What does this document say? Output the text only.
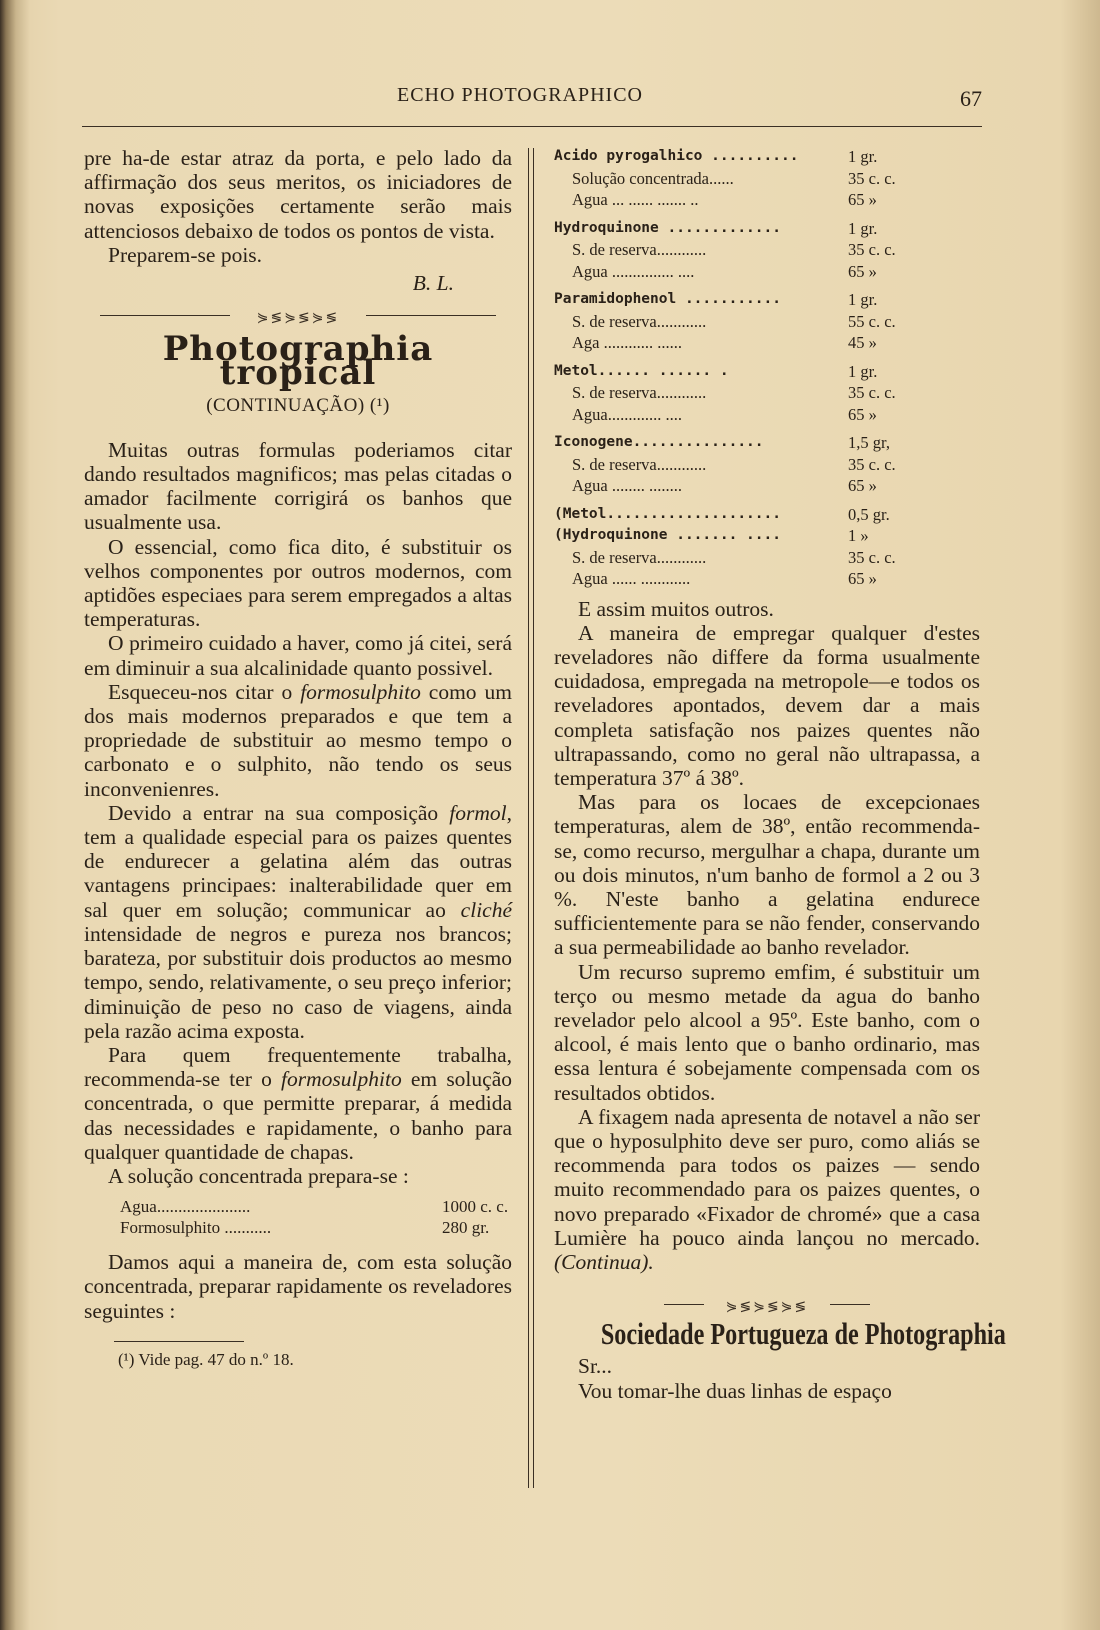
ECHO PHOTOGRAPHICO	67

pre ha-de estar atraz da porta, e pelo lado da affirmação dos seus meritos, os iniciadores de novas exposições certamente serão mais attenciosos debaixo de todos os pontos de vista.

Preparem-se pois.

B. L.

⋟≶⋟≶⋟≶
Photographia tropical
(CONTINUAÇÃO) (¹)

Muitas outras formulas poderiamos citar dando resultados magnificos; mas pelas citadas o amador facilmente corrigirá os banhos que usualmente usa.

O essencial, como fica dito, é substituir os velhos componentes por outros modernos, com aptidões especiaes para serem empregados a altas temperaturas.

O primeiro cuidado a haver, como já citei, será em diminuir a sua alcalinidade quanto possivel.

Esqueceu-nos citar o formosulphito como um dos mais modernos preparados e que tem a propriedade de substituir ao mesmo tempo o carbonato e o sulphito, não tendo os seus inconvenienres.

Devido a entrar na sua composição formol, tem a qualidade especial para os paizes quentes de endurecer a gelatina além das outras vantagens principaes: inalterabilidade quer em sal quer em solução; communicar ao cliché intensidade de negros e pureza nos brancos; barateza, por substituir dois productos ao mesmo tempo, sendo, relativamente, o seu preço inferior; diminuição de peso no caso de viagens, ainda pela razão acima exposta.

Para quem frequentemente trabalha, recommenda-se ter o formosulphito em solução concentrada, o que permitte preparar, á medida das necessidades e rapidamente, o banho para qualquer quantidade de chapas.

A solução concentrada prepara-se :

Agua......................	1000 c. c.
Formosulphito ...........	280 gr.

Damos aqui a maneira de, com esta solução concentrada, preparar rapidamente os reveladores seguintes :

(¹) Vide pag. 47 do n.º 18.
Acido pyrogalhico ..........	1 gr.
Solução concentrada......	35 c. c.
Agua ... ...... ....... ..	65 »
Hydroquinone .............	1 gr.
S. de reserva............	35 c. c.
Agua ............... ....	65 »
Paramidophenol ...........	1 gr.
S. de reserva............	55 c. c.
Aga ............ ......	45 »
Metol...... ...... .	1 gr.
S. de reserva............	35 c. c.
Agua............. ....	65 »
Iconogene...............	1,5 gr,
S. de reserva............	35 c. c.
Agua ........ ........	65 »
(Metol....................	0,5 gr.
(Hydroquinone ....... ....	1 »
S. de reserva............	35 c. c.
Agua ...... ............	65 »

E assim muitos outros.

A maneira de empregar qualquer d'estes reveladores não differe da forma usualmente cuidadosa, empregada na metropole—e todos os reveladores apontados, devem dar a mais completa satisfação nos paizes quentes não ultrapassando, como no geral não ultrapassa, a temperatura 37º á 38º.

Mas para os locaes de excepcionaes temperaturas, alem de 38º, então recommenda-se, como recurso, mergulhar a chapa, durante um ou dois minutos, n'um banho de formol a 2 ou 3 %. N'este banho a gelatina endurece sufficientemente para se não fender, conservando a sua permeabilidade ao banho revelador.

Um recurso supremo emfim, é substituir um terço ou mesmo metade da agua do banho revelador pelo alcool a 95º. Este banho, com o alcool, é mais lento que o banho ordinario, mas essa lentura é sobejamente compensada com os resultados obtidos.

A fixagem nada apresenta de notavel a não ser que o hyposulphito deve ser puro, como aliás se recommenda para todos os paizes — sendo muito recommendado para os paizes quentes, o novo preparado «Fixador de chromé» que a casa Lumière ha pouco ainda lançou no mercado. (Continua).

⋟≶⋟≶⋟≶
Sociedade Portugueza de Photographia

Sr...

Vou tomar-lhe duas linhas de espaço
